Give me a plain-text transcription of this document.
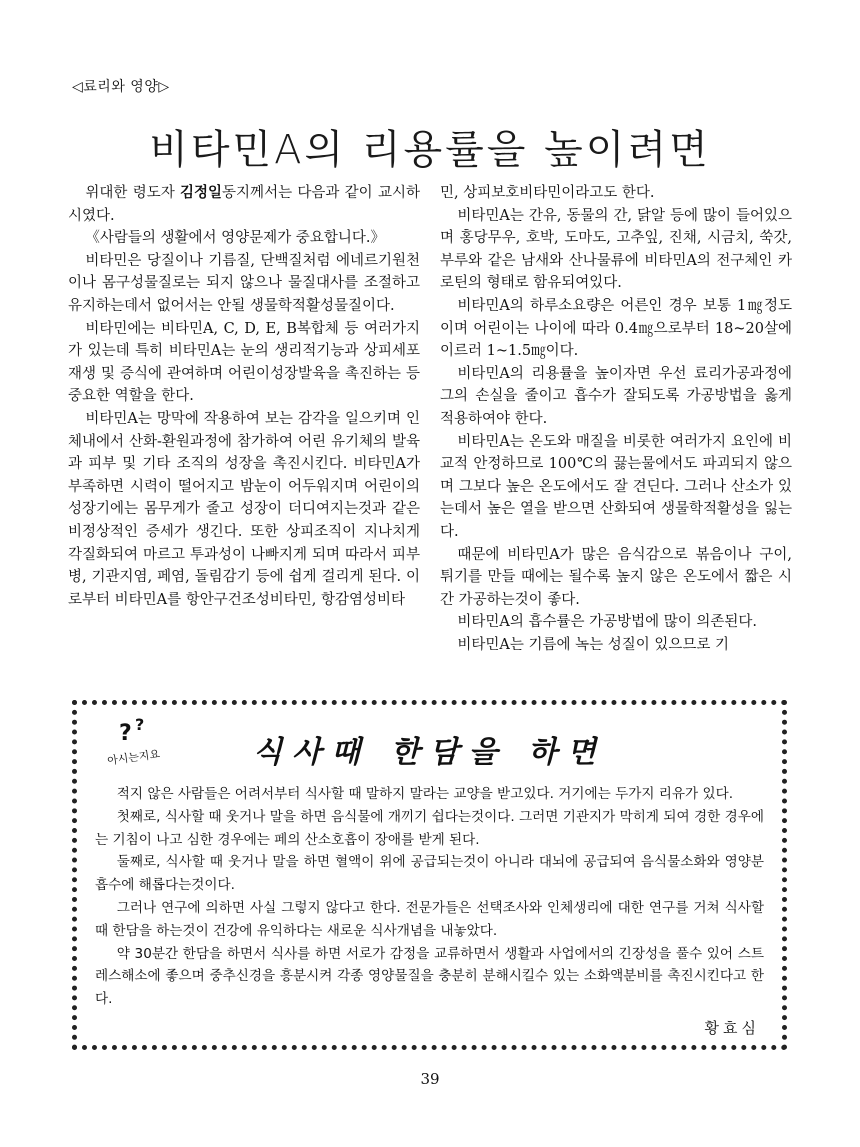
◁료리와 영양▷
비타민A의 리용률을 높이려면

위대한 령도자 김정일동지께서는 다음과 같이 교시하시였다.

《사람들의 생활에서 영양문제가 중요합니다.》

비타민은 당질이나 기름질, 단백질처럼 에네르기원천이나 몸구성물질로는 되지 않으나 물질대사를 조절하고 유지하는데서 없어서는 안될 생물학적활성물질이다.

비타민에는 비타민A, C, D, E, B복합체 등 여러가지가 있는데 특히 비타민A는 눈의 생리적기능과 상피세포재생 및 증식에 관여하며 어린이성장발육을 촉진하는 등 중요한 역할을 한다.

비타민A는 망막에 작용하여 보는 감각을 일으키며 인체내에서 산화-환원과정에 참가하여 어린 유기체의 발육과 피부 및 기타 조직의 성장을 촉진시킨다. 비타민A가 부족하면 시력이 떨어지고 밤눈이 어두워지며 어린이의 성장기에는 몸무게가 줄고 성장이 더디여지는것과 같은 비정상적인 증세가 생긴다. 또한 상피조직이 지나치게 각질화되여 마르고 투과성이 나빠지게 되며 따라서 피부병, 기관지염, 페염, 돌림감기 등에 쉽게 걸리게 된다. 이로부터 비타민A를 항안구건조성비타민, 항감염성비타

민, 상피보호비타민이라고도 한다.

비타민A는 간유, 동물의 간, 닭알 등에 많이 들어있으며 홍당무우, 호박, 도마도, 고추잎, 진채, 시금치, 쑥갓, 부루와 같은 남새와 산나물류에 비타민A의 전구체인 카로틴의 형태로 함유되여있다.

비타민A의 하루소요량은 어른인 경우 보통 1㎎정도이며 어린이는 나이에 따라 0.4㎎으로부터 18~20살에 이르러 1~1.5㎎이다.

비타민A의 리용률을 높이자면 우선 료리가공과정에 그의 손실을 줄이고 흡수가 잘되도록 가공방법을 옳게 적용하여야 한다.

비타민A는 온도와 매질을 비롯한 여러가지 요인에 비교적 안정하므로 100℃의 끓는물에서도 파괴되지 않으며 그보다 높은 온도에서도 잘 견딘다. 그러나 산소가 있는데서 높은 열을 받으면 산화되여 생물학적활성을 잃는다.

때문에 비타민A가 많은 음식감으로 볶음이나 구이, 튀기를 만들 때에는 될수록 높지 않은 온도에서 짧은 시간 가공하는것이 좋다.

비타민A의 흡수률은 가공방법에 많이 의존된다.

비타민A는 기름에 녹는 성질이 있으므로 기

? ?
아시는지요	식사때 한담을 하면

적지 않은 사람들은 어려서부터 식사할 때 말하지 말라는 교양을 받고있다. 거기에는 두가지 리유가 있다.

첫째로, 식사할 때 웃거나 말을 하면 음식물에 개끼기 쉽다는것이다. 그러면 기관지가 막히게 되여 경한 경우에는 기침이 나고 심한 경우에는 페의 산소호흡이 장애를 받게 된다.

둘째로, 식사할 때 웃거나 말을 하면 혈액이 위에 공급되는것이 아니라 대뇌에 공급되여 음식물소화와 영양분흡수에 해롭다는것이다.

그러나 연구에 의하면 사실 그렇지 않다고 한다. 전문가들은 선택조사와 인체생리에 대한 연구를 거쳐 식사할 때 한담을 하는것이 건강에 유익하다는 새로운 식사개념을 내놓았다.

약 30분간 한담을 하면서 식사를 하면 서로가 감정을 교류하면서 생활과 사업에서의 긴장성을 풀수 있어 스트레스해소에 좋으며 중추신경을 흥분시켜 각종 영양물질을 충분히 분해시킬수 있는 소화액분비를 촉진시킨다고 한다.

황효심
39
